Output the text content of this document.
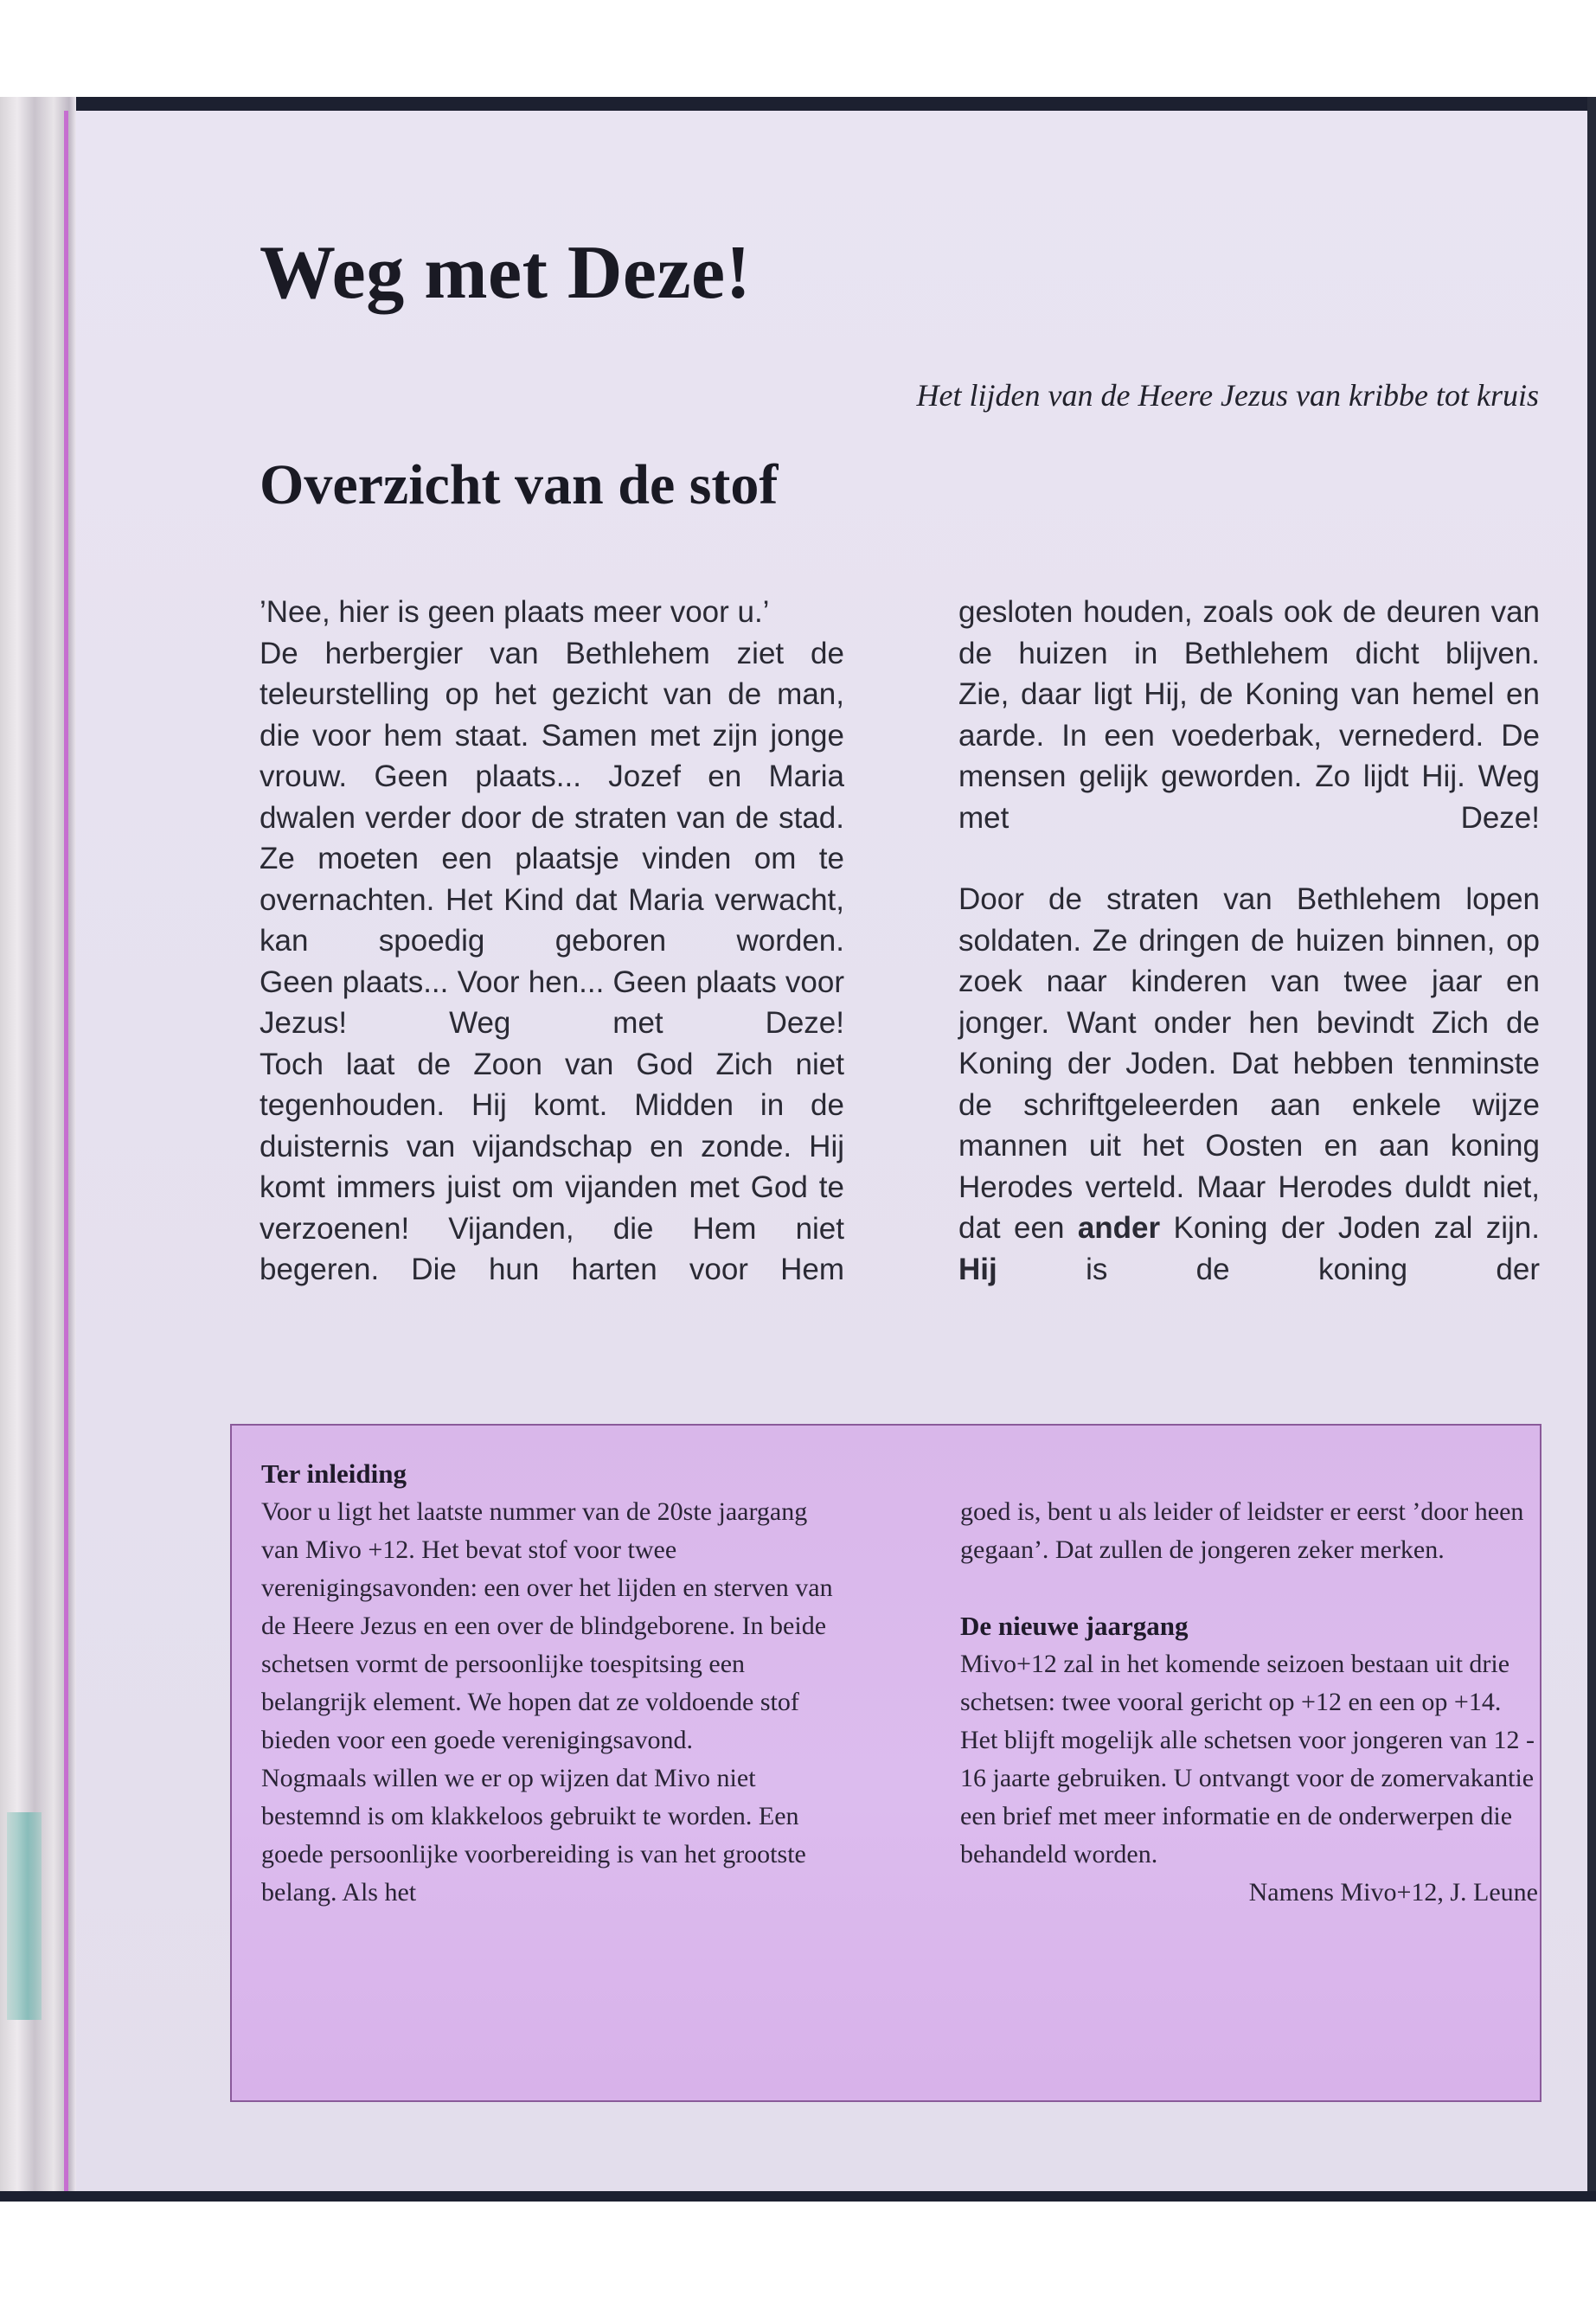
Weg met Deze!

Het lijden van de Heere Jezus van kribbe tot kruis

Overzicht van de stof

’Nee, hier is geen plaats meer voor u.’

De herbergier van Bethlehem ziet de teleurstelling op het gezicht van de man, die voor hem staat. Samen met zijn jonge vrouw. Geen plaats... Jozef en Maria dwalen verder door de straten van de stad. Ze moeten een plaatsje vinden om te overnachten. Het Kind dat Maria verwacht, kan spoedig geboren worden.

Geen plaats... Voor hen... Geen plaats voor Jezus! Weg met Deze!

Toch laat de Zoon van God Zich niet tegenhouden. Hij komt. Midden in de duisternis van vijandschap en zonde. Hij komt immers juist om vijanden met God te verzoenen! Vijanden, die Hem niet begeren. Die hun harten voor Hem

gesloten houden, zoals ook de deuren van de huizen in Bethlehem dicht blijven.

Zie, daar ligt Hij, de Koning van hemel en aarde. In een voederbak, vernederd. De mensen gelijk geworden. Zo lijdt Hij. Weg met Deze!

Door de straten van Bethlehem lopen soldaten. Ze dringen de huizen binnen, op zoek naar kinderen van twee jaar en jonger. Want onder hen bevindt Zich de Koning der Joden. Dat hebben tenminste de schriftgeleerden aan enkele wijze mannen uit het Oosten en aan koning Herodes verteld. Maar Herodes duldt niet, dat een ander Koning der Joden zal zijn. Hij is de koning der

Ter inleiding

Voor u ligt het laatste nummer van de 20ste jaargang van Mivo +12. Het bevat stof voor twee verenigingsavonden: een over het lijden en sterven van de Heere Jezus en een over de blindgeborene. In beide schetsen vormt de persoonlijke toespitsing een belangrijk element. We hopen dat ze voldoende stof bieden voor een goede verenigingsavond.

Nogmaals willen we er op wijzen dat Mivo niet bestemnd is om klakkeloos gebruikt te worden. Een goede persoonlijke voorbereiding is van het grootste belang. Als het

goed is, bent u als leider of leidster er eerst ’door heen gegaan’. Dat zullen de jongeren zeker merken.

De nieuwe jaargang

Mivo+12 zal in het komende seizoen bestaan uit drie schetsen: twee vooral gericht op +12 en een op +14. Het blijft mogelijk alle schetsen voor jongeren van 12 - 16 jaarte gebruiken. U ontvangt voor de zomervakantie een brief met meer informatie en de onderwerpen die behandeld worden.

Namens Mivo+12, J. Leune
